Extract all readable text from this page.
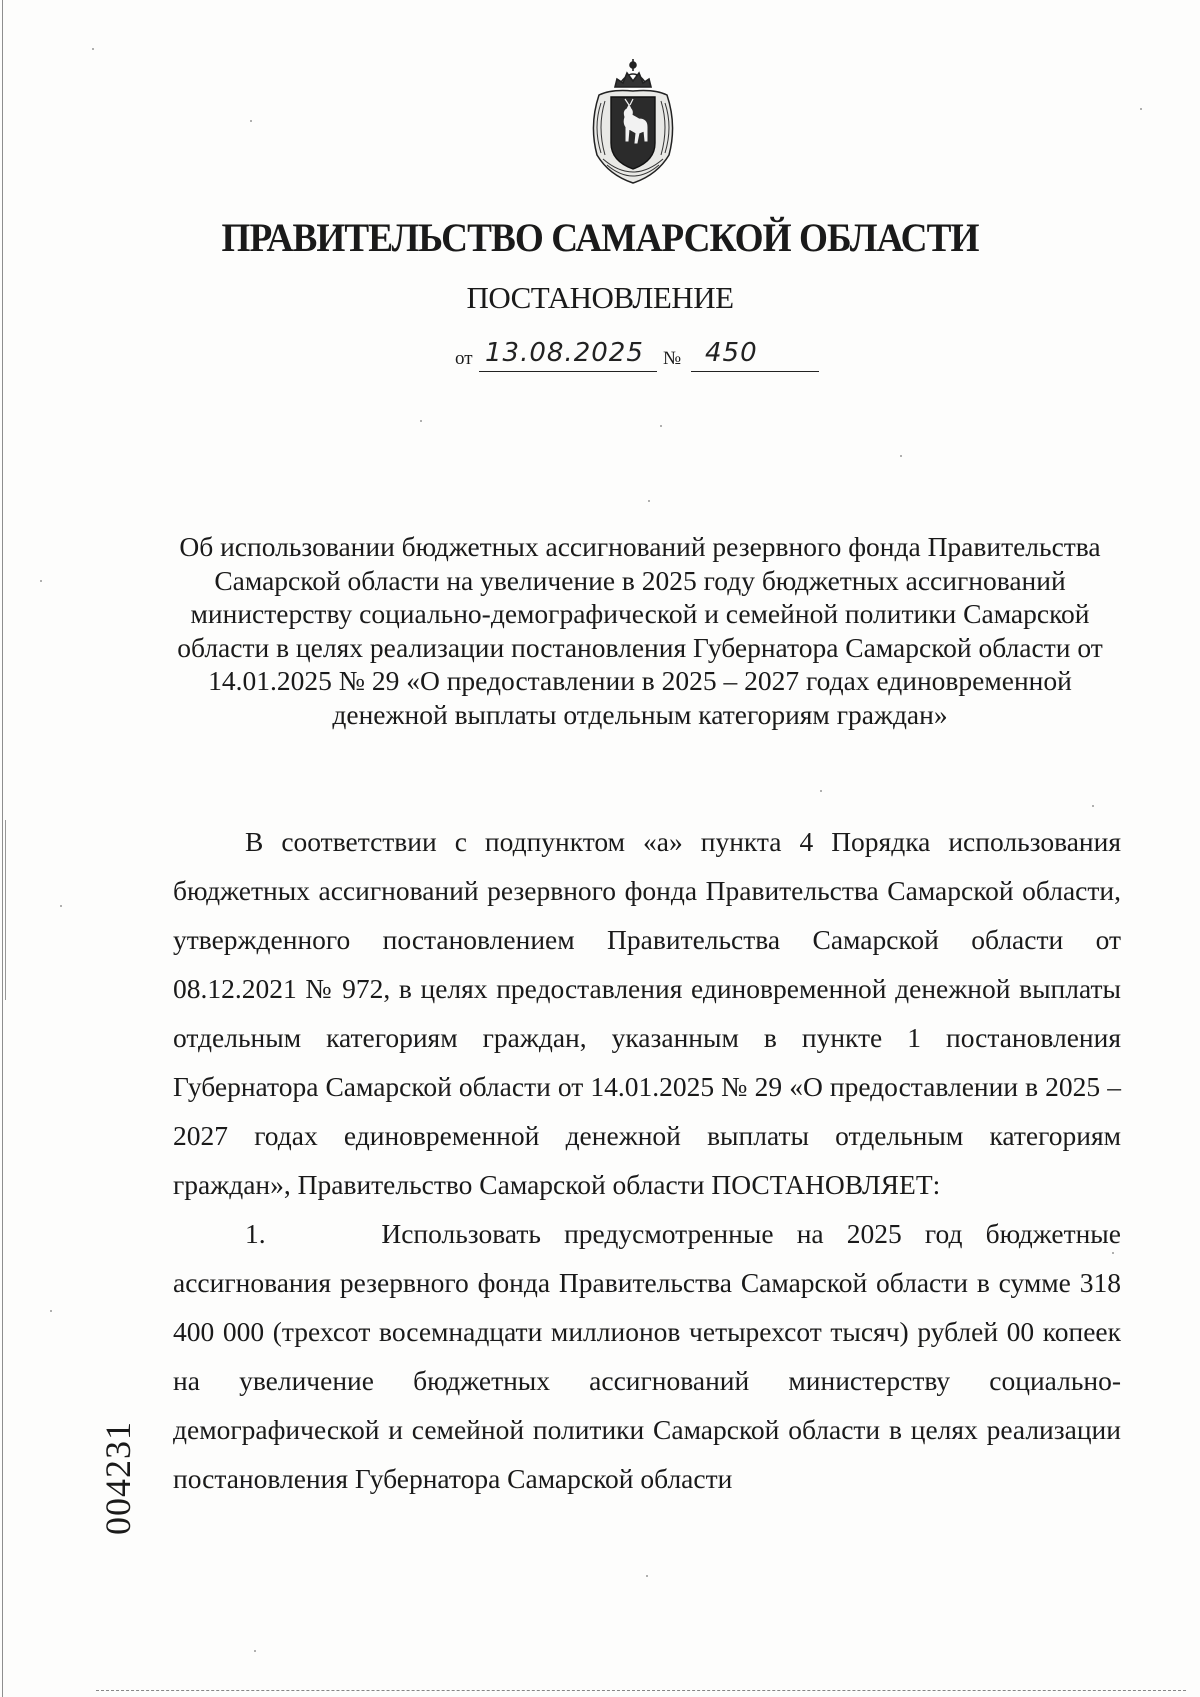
ПРАВИТЕЛЬСТВО САМАРСКОЙ ОБЛАСТИ
ПОСТАНОВЛЕНИЕ
от 13.08.2025 № 450
Об использовании бюджетных ассигнований резервного фонда Правительства Самарской области на увеличение в 2025 году бюджетных ассигнований министерству социально-демографической и семейной политики Самарской области в целях реализации постановления Губернатора Самарской области от 14.01.2025 № 29 «О предоставлении в 2025 – 2027 годах единовременной денежной выплаты отдельным категориям граждан»

В соответствии с подпунктом «а» пункта 4 Порядка использования бюджетных ассигнований резервного фонда Правительства Самарской области, утвержденного постановлением Правительства Самарской области от 08.12.2021 № 972, в целях предоставления единовременной денежной выплаты отдельным категориям граждан, указанным в пункте 1 постановления Губернатора Самарской области от 14.01.2025 № 29 «О предоставлении в 2025 – 2027 годах единовременной денежной выплаты отдельным категориям граждан», Правительство Самарской области ПОСТАНОВЛЯЕТ:

1.     Использовать предусмотренные на 2025 год бюджетные ассигнования резервного фонда Правительства Самарской области в сумме 318 400 000 (трехсот восемнадцати миллионов четырехсот тысяч) рублей 00 копеек на увеличение бюджетных ассигнований министерству социально-демографической и семейной политики Самарской области в целях реализации постановления Губернатора Самарской области

004231
